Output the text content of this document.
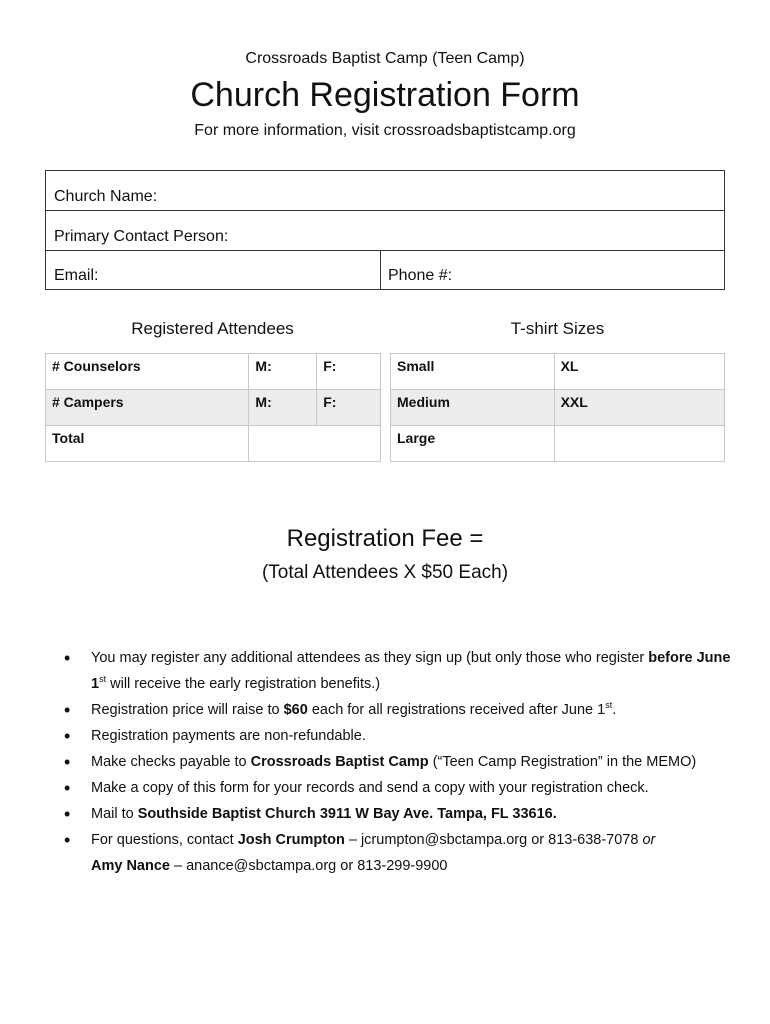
Crossroads Baptist Camp (Teen Camp)
Church Registration Form
For more information, visit crossroadsbaptistcamp.org
Church Name:
Primary Contact Person:
Email:	Phone #:
Registered Attendees	T-shirt Sizes
# Counselors	M:	F:
# Campers	M:	F:
Total		
Small	XL
Medium	XXL
Large	
Registration Fee =
(Total Attendees X $50 Each)
• You may register any additional attendees as they sign up (but only those who register before June 1st will receive the early registration benefits.)
• Registration price will raise to $60 each for all registrations received after June 1st.
• Registration payments are non-refundable.
• Make checks payable to Crossroads Baptist Camp (“Teen Camp Registration” in the MEMO)
• Make a copy of this form for your records and send a copy with your registration check.
• Mail to Southside Baptist Church 3911 W Bay Ave. Tampa, FL 33616.
• For questions, contact Josh Crumpton – jcrumpton@sbctampa.org or 813-638-7078 or
Amy Nance – anance@sbctampa.org or 813-299-9900
